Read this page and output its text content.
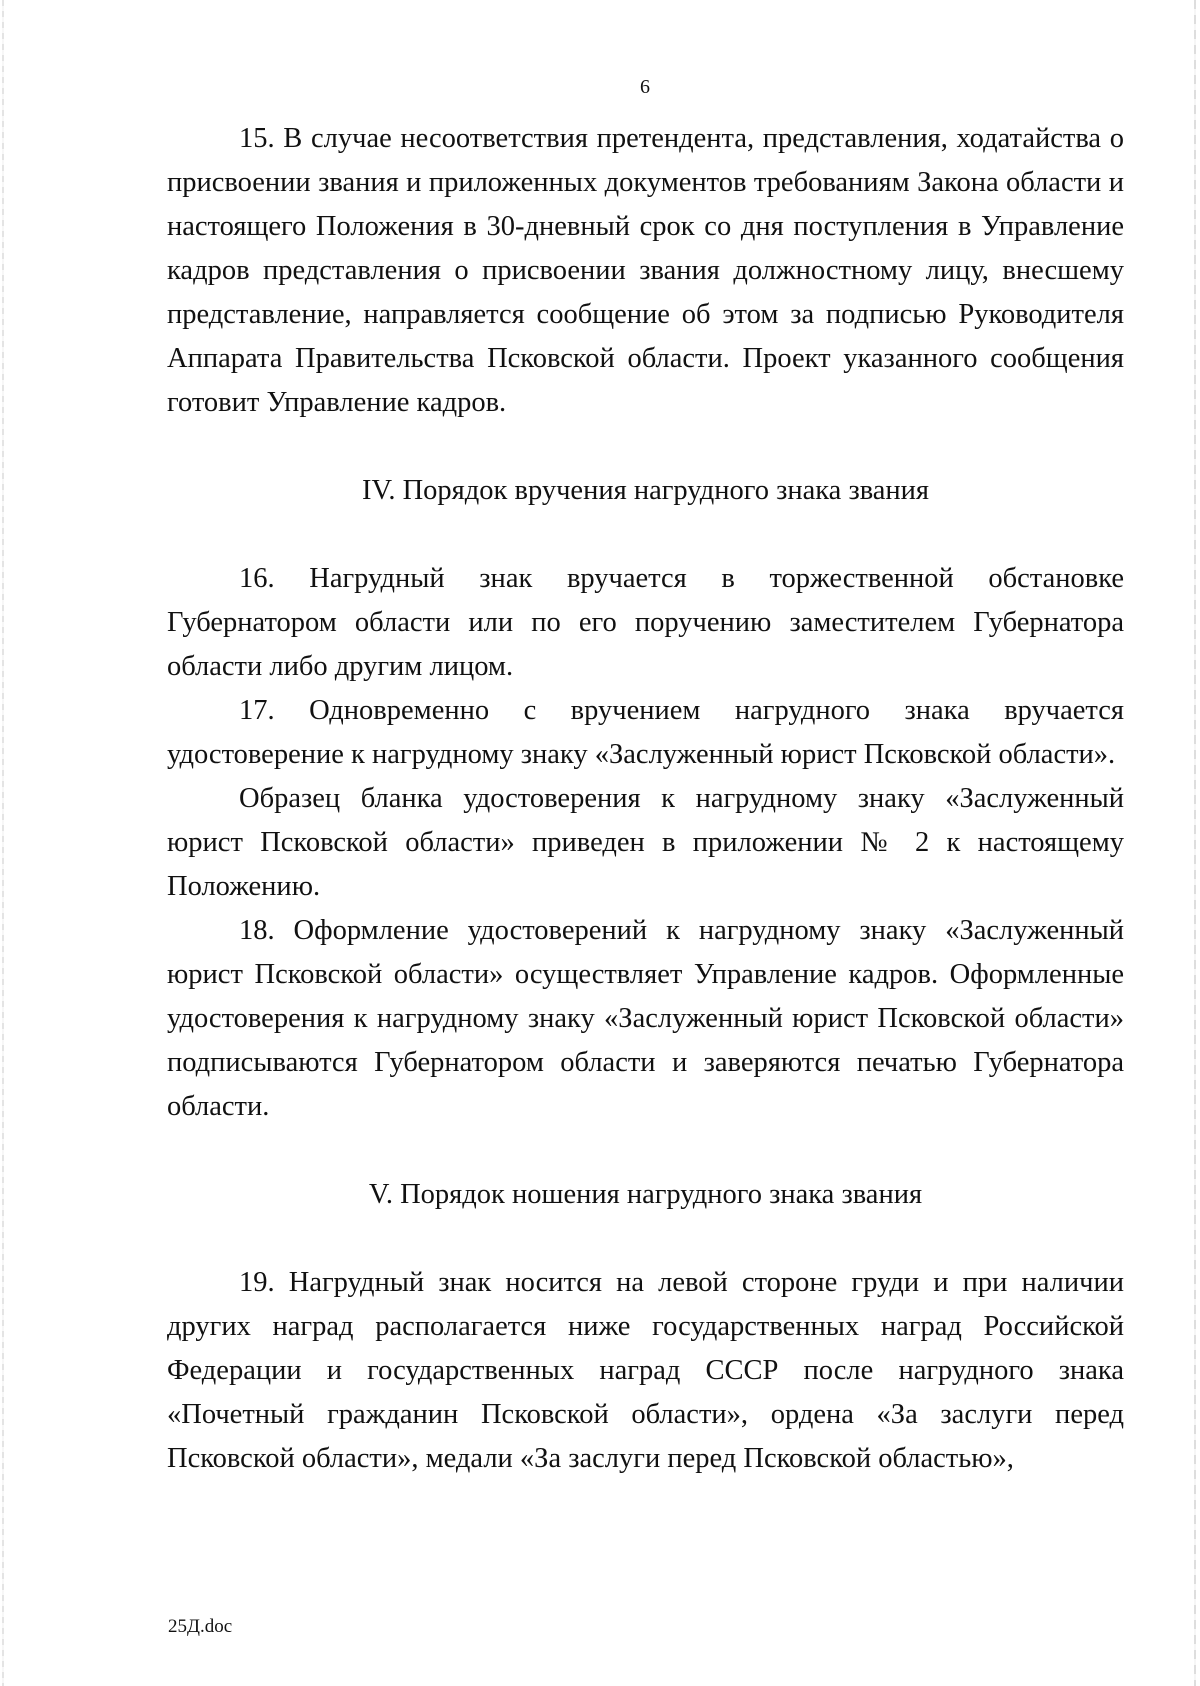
6

15. В случае несоответствия претендента, представления, ходатайства о присвоении звания и приложенных документов требованиям Закона области и настоящего Положения в 30-дневный срок со дня поступления в Управление кадров представления о присвоении звания должностному лицу, внесшему представление, направляется сообщение об этом за подписью Руководителя Аппарата Правительства Псковской области. Проект указанного сообщения готовит Управление кадров.

IV. Порядок вручения нагрудного знака звания

16. Нагрудный знак вручается в торжественной обстановке Губернатором области или по его поручению заместителем Губернатора области либо другим лицом.

17. Одновременно с вручением нагрудного знака вручается удостоверение к нагрудному знаку «Заслуженный юрист Псковской области».

Образец бланка удостоверения к нагрудному знаку «Заслуженный юрист Псковской области» приведен в приложении № 2 к настоящему Положению.

18. Оформление удостоверений к нагрудному знаку «Заслуженный юрист Псковской области» осуществляет Управление кадров. Оформленные удостоверения к нагрудному знаку «Заслуженный юрист Псковской области» подписываются Губернатором области и заверяются печатью Губернатора области.

V. Порядок ношения нагрудного знака звания

19. Нагрудный знак носится на левой стороне груди и при наличии других наград располагается ниже государственных наград Российской Федерации и государственных наград СССР после нагрудного знака «Почетный гражданин Псковской области», ордена «За заслуги перед Псковской области», медали «За заслуги перед Псковской областью»,

25Д.doc
